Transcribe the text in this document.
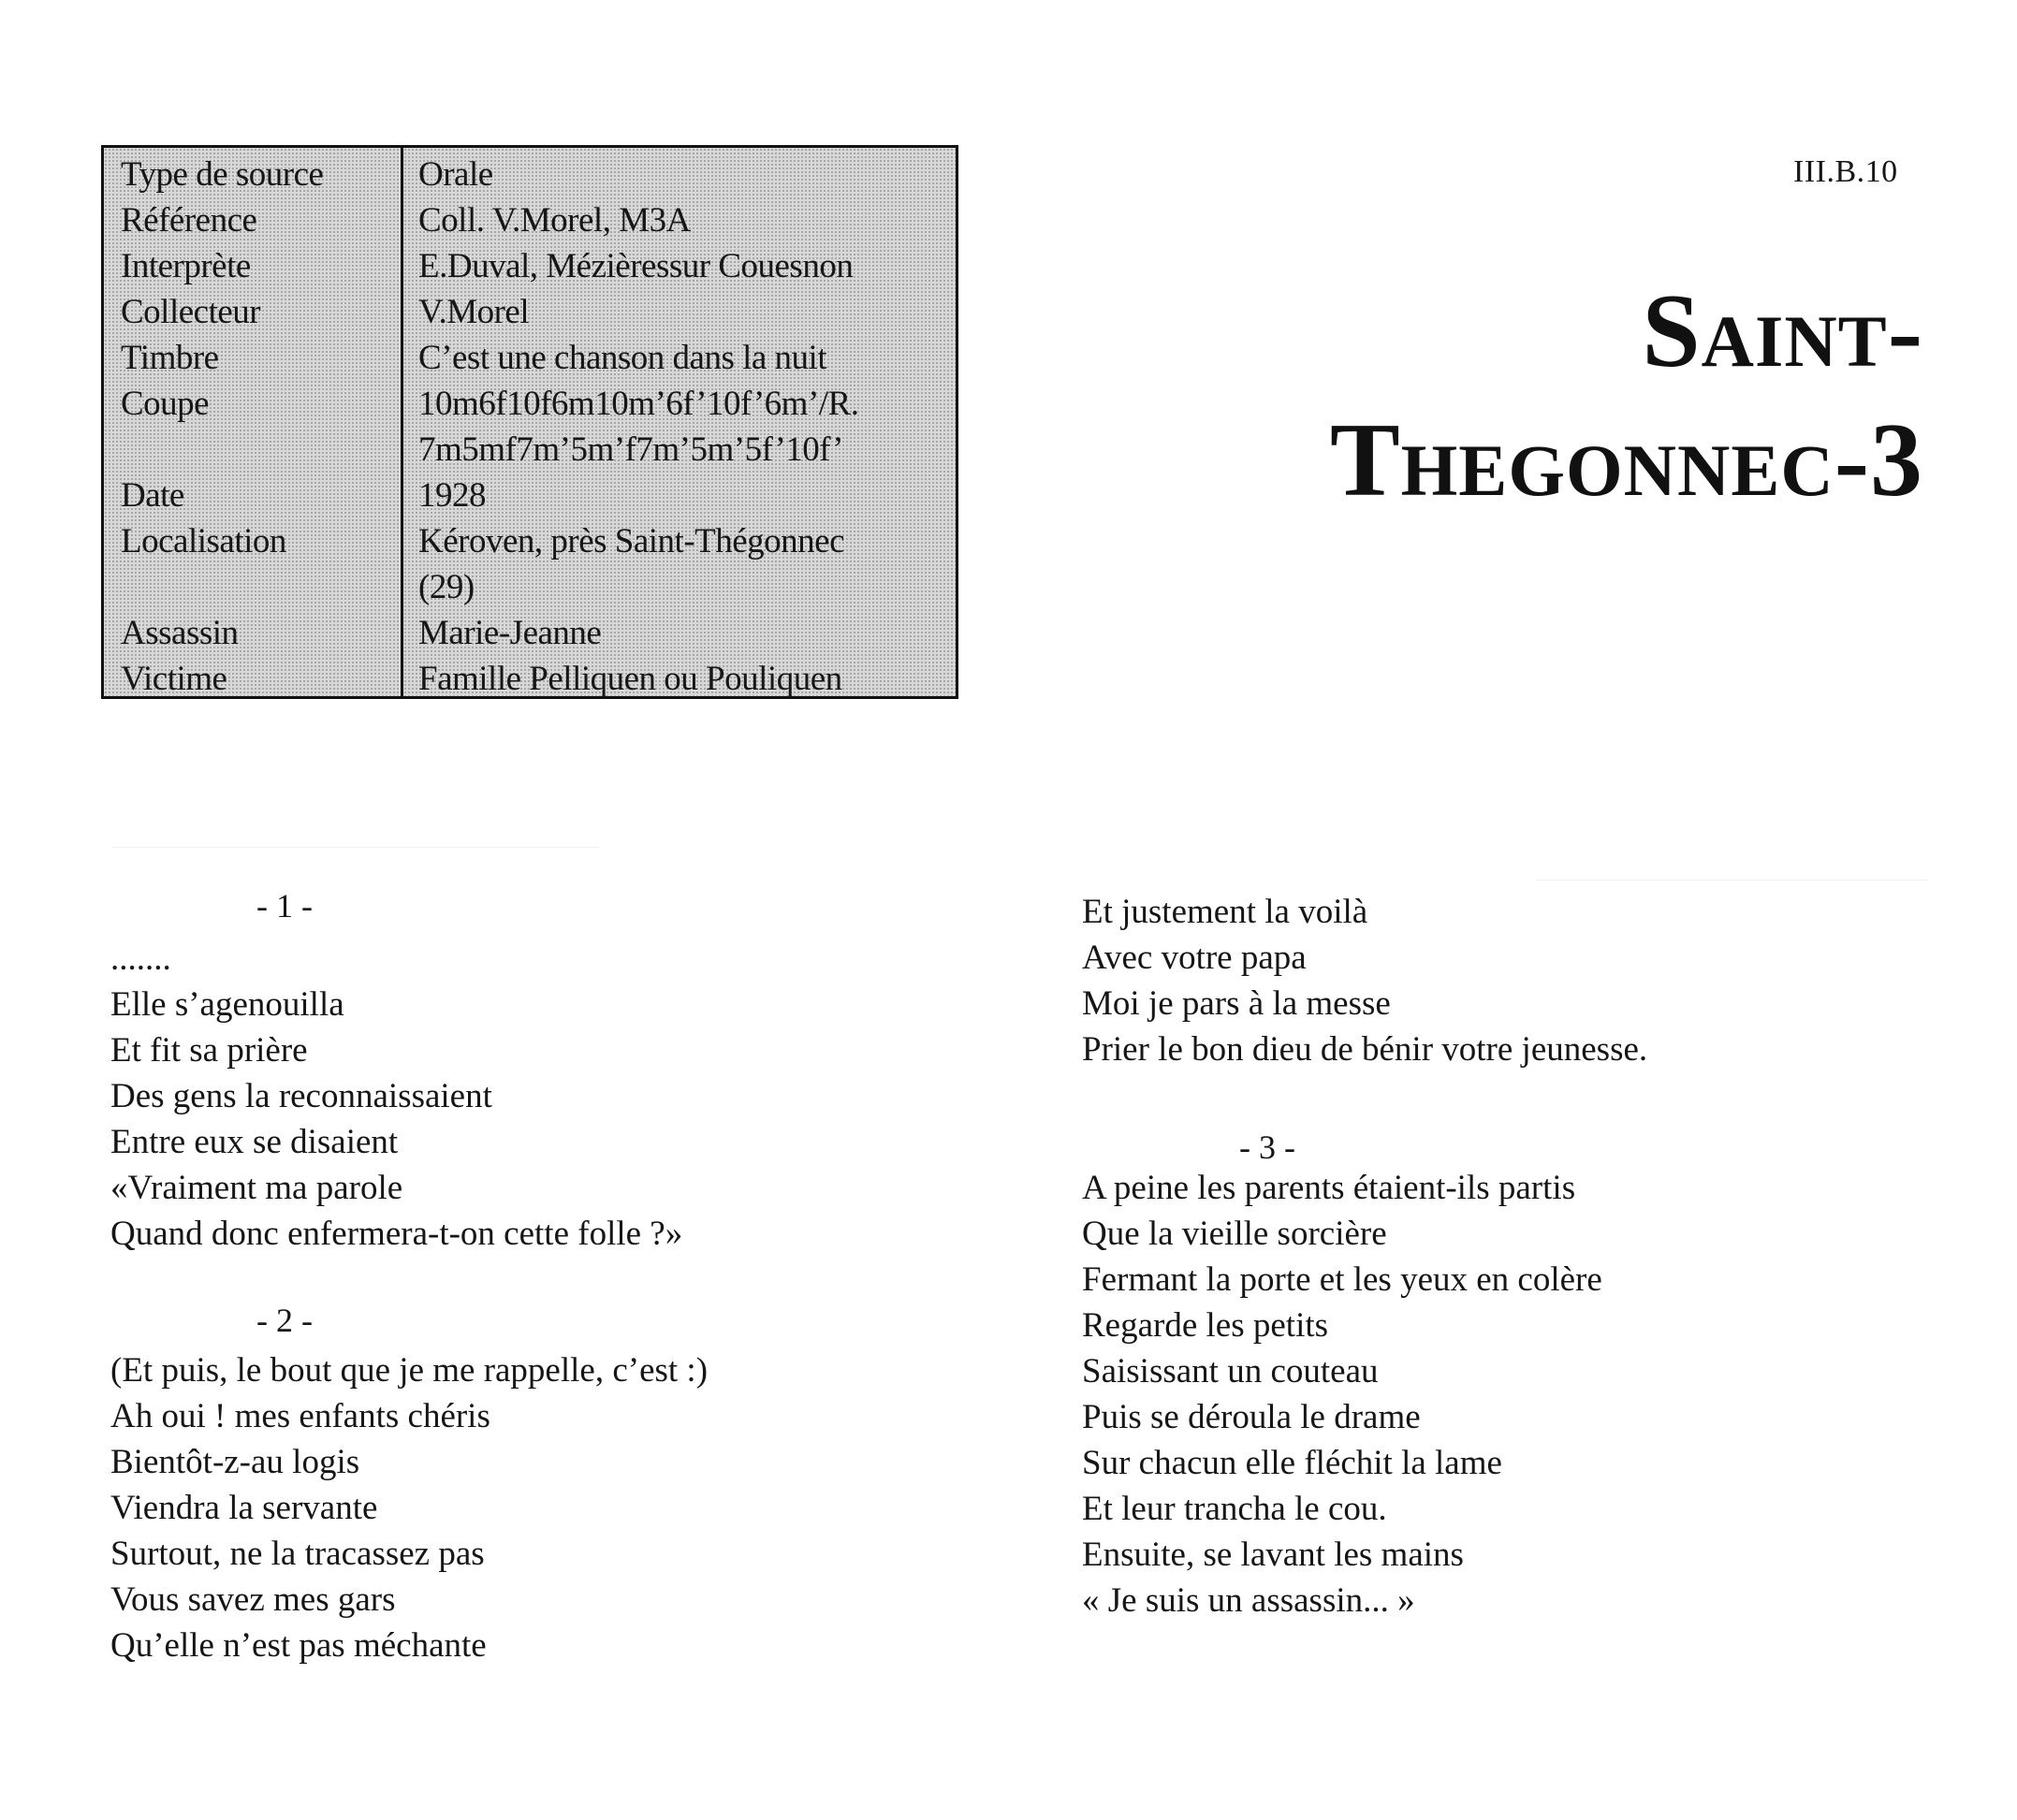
Type de source	Orale
Référence	Coll. V.Morel, M3A
Interprète	E.Duval, Mézièressur Couesnon
Collecteur	V.Morel
Timbre	C’est une chanson dans la nuit
Coupe	10m6f10f6m10m’6f’10f’6m’/R.
7m5mf7m’5m’f7m’5m’5f’10f’
Date	1928
Localisation	Kéroven, près Saint-Thégonnec
(29)
Assassin	Marie-Jeanne
Victime	Famille Pelliquen ou Pouliquen
III.B.10
Saint-
Thegonnec-3
- 1 -
.......
Elle s’agenouilla
Et fit sa prière
Des gens la reconnaissaient
Entre eux se disaient
«Vraiment ma parole
Quand donc enfermera-t-on cette folle ?»
- 2 -
(Et puis, le bout que je me rappelle, c’est :)
Ah oui ! mes enfants chéris
Bientôt-z-au logis
Viendra la servante
Surtout, ne la tracassez pas
Vous savez mes gars
Qu’elle n’est pas méchante
Et justement la voilà
Avec votre papa
Moi je pars à la messe
Prier le bon dieu de bénir votre jeunesse.
- 3 -
A peine les parents étaient-ils partis
Que la vieille sorcière
Fermant la porte et les yeux en colère
Regarde les petits
Saisissant un couteau
Puis se déroula le drame
Sur chacun elle fléchit la lame
Et leur trancha le cou.
Ensuite, se lavant les mains
« Je suis un assassin... »
